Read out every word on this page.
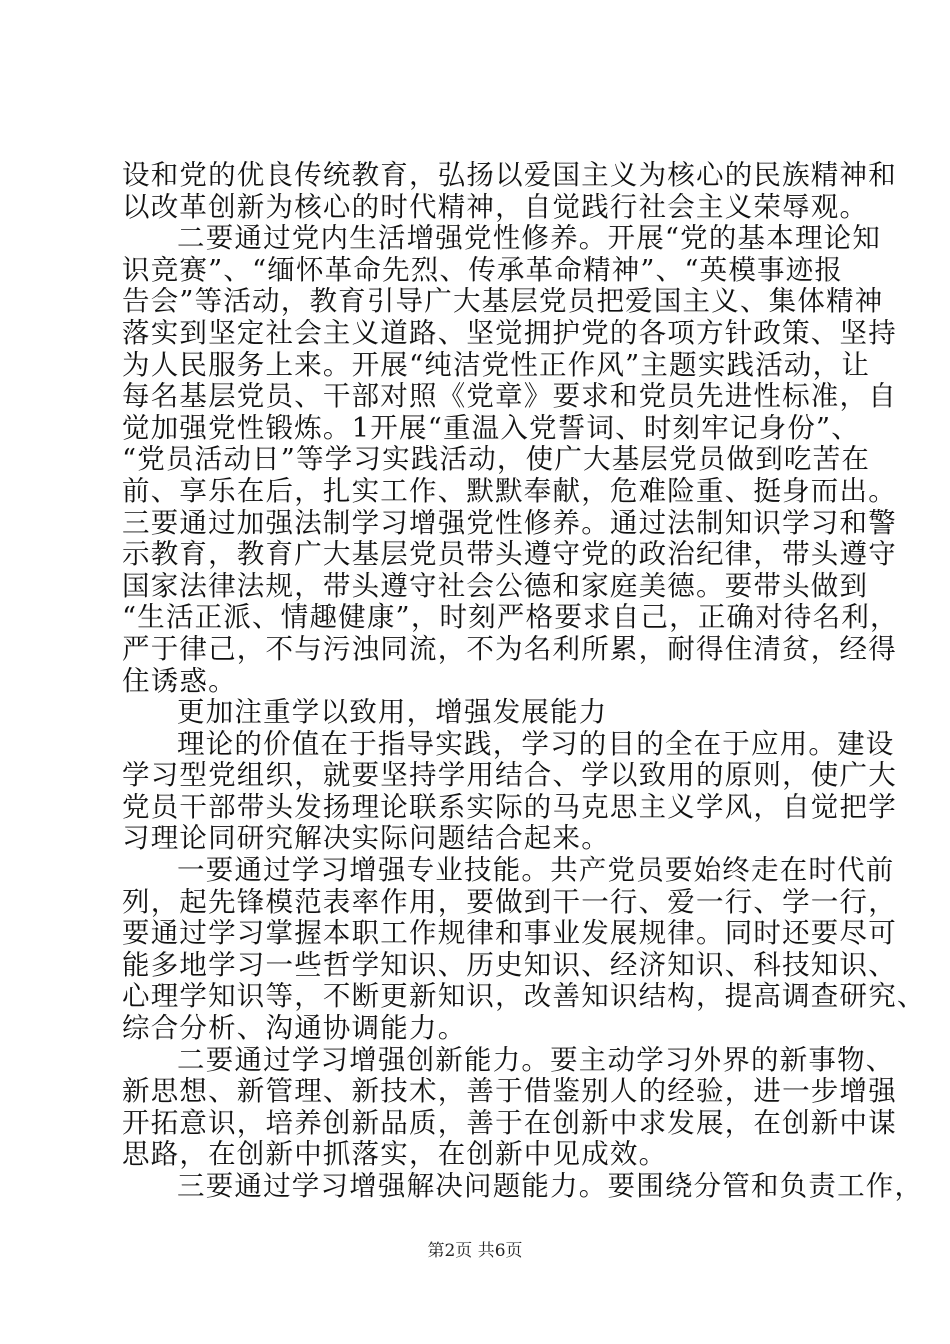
设和党的优良传统教育，弘扬以爱国主义为核心的民族精神和
以改革创新为核心的时代精神，自觉践行社会主义荣辱观。
二要通过党内生活增强党性修养。开展“党的基本理论知
识竞赛”、“缅怀革命先烈、传承革命精神”、“英模事迹报
告会”等活动，教育引导广大基层党员把爱国主义、集体精神
落实到坚定社会主义道路、坚觉拥护党的各项方针政策、坚持
为人民服务上来。开展“纯洁党性正作风”主题实践活动，让
每名基层党员、干部对照《党章》要求和党员先进性标准，自
觉加强党性锻炼。1开展“重温入党誓词、时刻牢记身份”、
“党员活动日”等学习实践活动，使广大基层党员做到吃苦在
前、享乐在后，扎实工作、默默奉献，危难险重、挺身而出。
三要通过加强法制学习增强党性修养。通过法制知识学习和警
示教育，教育广大基层党员带头遵守党的政治纪律，带头遵守
国家法律法规，带头遵守社会公德和家庭美德。要带头做到
“生活正派、情趣健康”，时刻严格要求自己，正确对待名利，
严于律己，不与污浊同流，不为名利所累，耐得住清贫，经得
住诱惑。
更加注重学以致用，增强发展能力
理论的价值在于指导实践，学习的目的全在于应用。建设
学习型党组织，就要坚持学用结合、学以致用的原则，使广大
党员干部带头发扬理论联系实际的马克思主义学风，自觉把学
习理论同研究解决实际问题结合起来。
一要通过学习增强专业技能。共产党员要始终走在时代前
列，起先锋模范表率作用，要做到干一行、爱一行、学一行，
要通过学习掌握本职工作规律和事业发展规律。同时还要尽可
能多地学习一些哲学知识、历史知识、经济知识、科技知识、
心理学知识等，不断更新知识，改善知识结构，提高调查研究、
综合分析、沟通协调能力。
二要通过学习增强创新能力。要主动学习外界的新事物、
新思想、新管理、新技术，善于借鉴别人的经验，进一步增强
开拓意识，培养创新品质，善于在创新中求发展，在创新中谋
思路，在创新中抓落实，在创新中见成效。
三要通过学习增强解决问题能力。要围绕分管和负责工作，
第2页 共6页
